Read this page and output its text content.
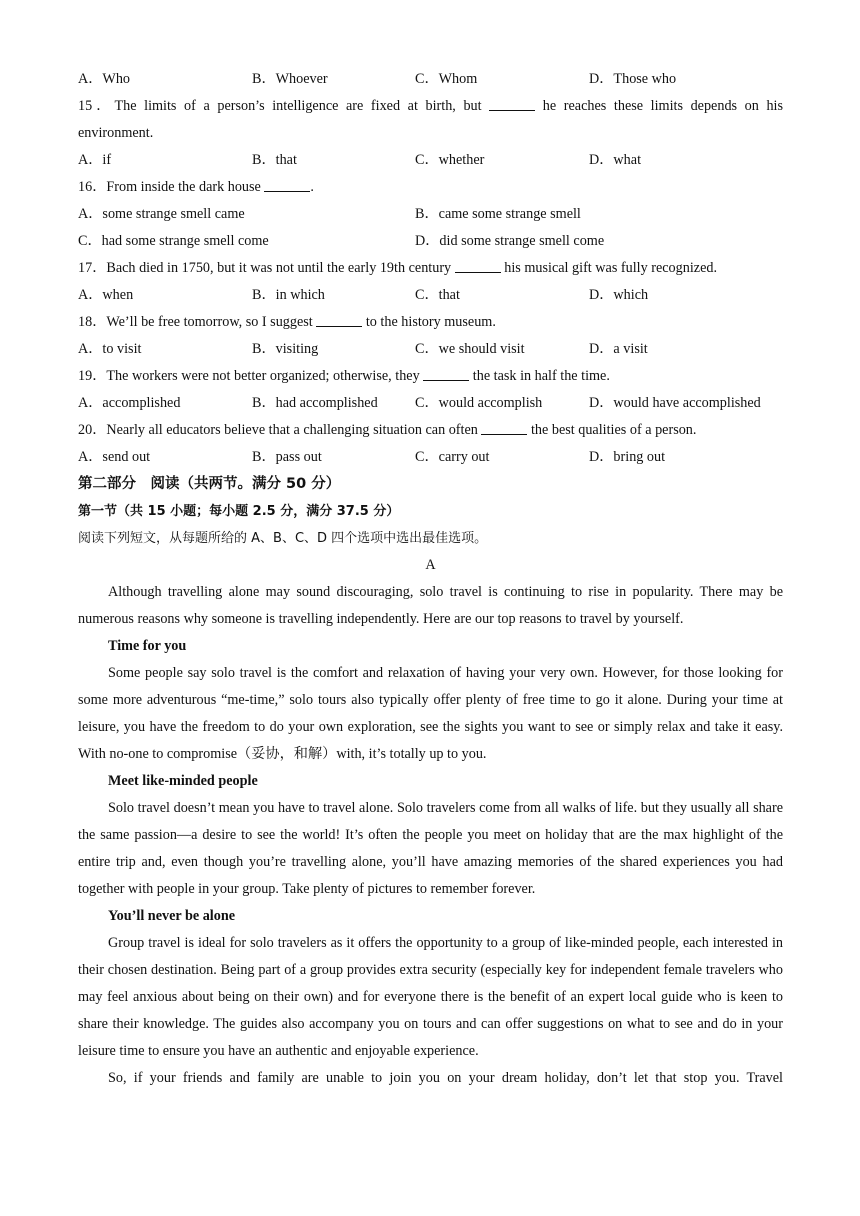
A．Who	B．Whoever	C．Whom	D．Those who
15．The limits of a person’s intelligence are fixed at birth, but	he reaches these limits depends on his
environment.
A．if	B．that	C．whether	D．what
16．From inside the dark house	.
A．some strange smell came	B．came some strange smell
C．had some strange smell come	D．did some strange smell come
17．Bach died in 1750, but it was not until the early 19th century	his musical gift was fully recognized.
A．when	B．in which	C．that	D．which
18．We’ll be free tomorrow, so I suggest	to the history museum.
A．to visit	B．visiting	C．we should visit	D．a visit
19．The workers were not better organized; otherwise, they	the task in half the time.
A．accomplished	B．had accomplished	C．would accomplish	D．would have accomplished
20．Nearly all educators believe that a challenging situation can often	the best qualities of a person.
A．send out	B．pass out	C．carry out	D．bring out
第二部分　阅读（共两节。满分 50 分）
第一节（共 15 小题；每小题 2.5 分，满分 37.5 分）
阅读下列短文，从每题所给的 A、B、C、D 四个选项中选出最佳选项。
A
Although travelling alone may sound discouraging, solo travel is continuing to rise in popularity. There may be numerous reasons why someone is travelling independently. Here are our top reasons to travel by yourself.
Time for you
Some people say solo travel is the comfort and relaxation of having your very own. However, for those looking for some more adventurous “me-time,” solo tours also typically offer plenty of free time to go it alone. During your time at leisure, you have the freedom to do your own exploration, see the sights you want to see or simply relax and take it easy. With no-one to compromise（妥协，和解）with, it’s totally up to you.
Meet like-minded people
Solo travel doesn’t mean you have to travel alone. Solo travelers come from all walks of life. but they usually all share the same passion—a desire to see the world! It’s often the people you meet on holiday that are the max highlight of the entire trip and, even though you’re travelling alone, you’ll have amazing memories of the shared experiences you had together with people in your group. Take plenty of pictures to remember forever.
You’ll never be alone
Group travel is ideal for solo travelers as it offers the opportunity to a group of like-minded people, each interested in their chosen destination. Being part of a group provides extra security (especially key for independent female travelers who may feel anxious about being on their own) and for everyone there is the benefit of an expert local guide who is keen to share their knowledge. The guides also accompany you on tours and can offer suggestions on what to see and do in your leisure time to ensure you have an authentic and enjoyable experience.
So, if your friends and family are unable to join you on your dream holiday, don’t let that stop you. Travel
